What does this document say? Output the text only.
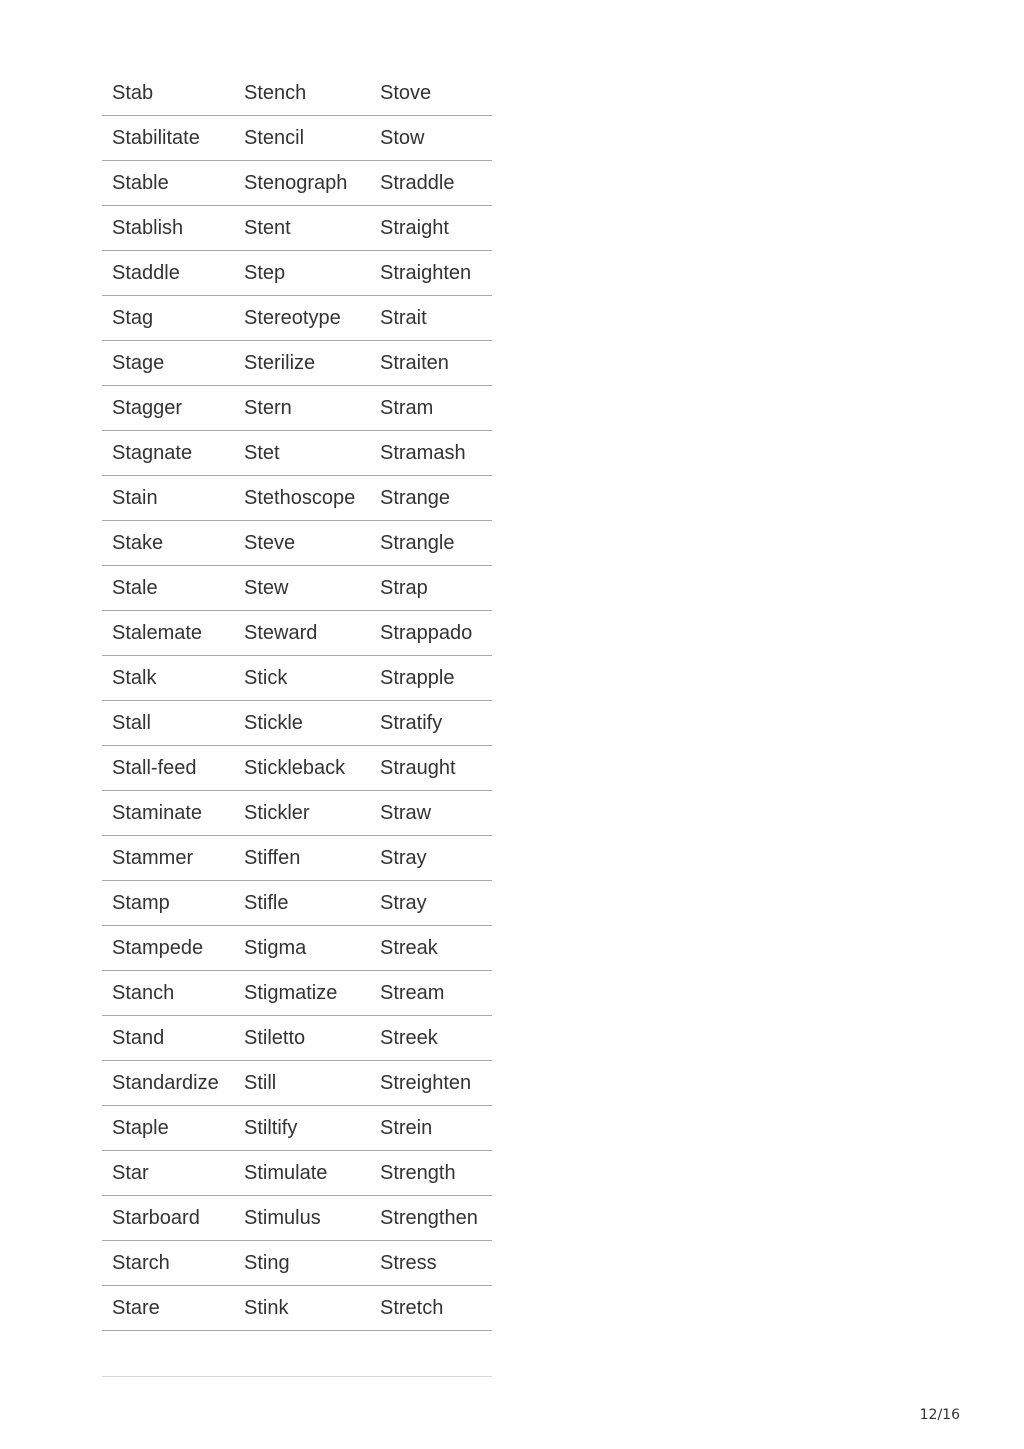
Stab	Stench	Stove
Stabilitate	Stencil	Stow
Stable	Stenograph	Straddle
Stablish	Stent	Straight
Staddle	Step	Straighten
Stag	Stereotype	Strait
Stage	Sterilize	Straiten
Stagger	Stern	Stram
Stagnate	Stet	Stramash
Stain	Stethoscope	Strange
Stake	Steve	Strangle
Stale	Stew	Strap
Stalemate	Steward	Strappado
Stalk	Stick	Strapple
Stall	Stickle	Stratify
Stall-feed	Stickleback	Straught
Staminate	Stickler	Straw
Stammer	Stiffen	Stray
Stamp	Stifle	Stray
Stampede	Stigma	Streak
Stanch	Stigmatize	Stream
Stand	Stiletto	Streek
Standardize	Still	Streighten
Staple	Stiltify	Strein
Star	Stimulate	Strength
Starboard	Stimulus	Strengthen
Starch	Sting	Stress
Stare	Stink	Stretch
12/16
